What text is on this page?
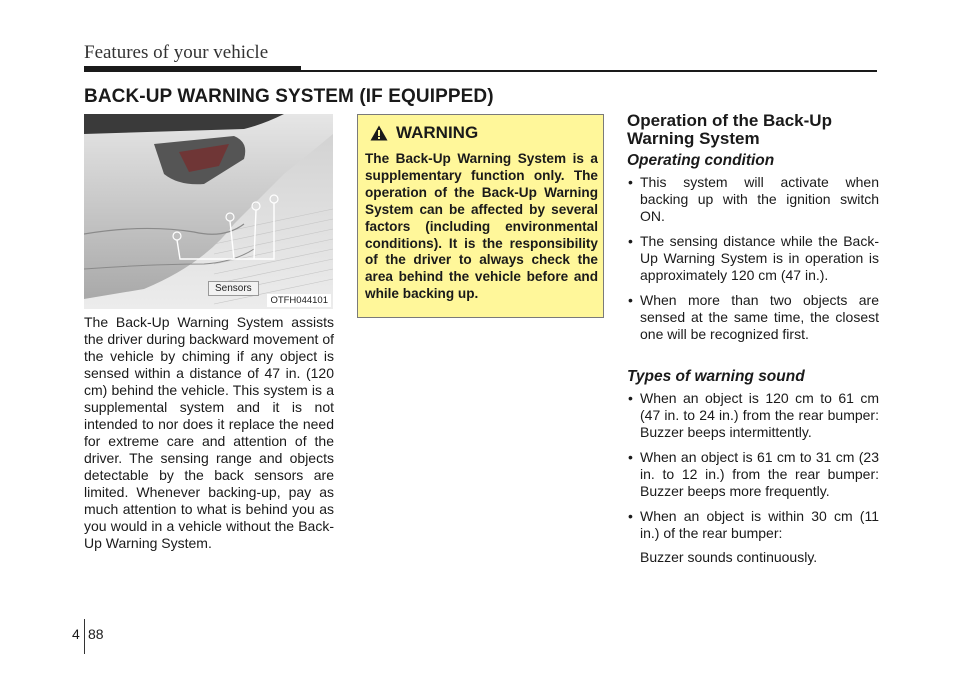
Features of your vehicle
BACK-UP WARNING SYSTEM (IF EQUIPPED)
Sensors
OTFH044101

The Back-Up Warning System assists the driver during backward movement of the vehicle by chiming if any object is sensed within a distance of 47 in. (120 cm) behind the vehicle. This system is a supplemental system and it is not intended to nor does it replace the need for extreme care and attention of the driver. The sensing range and objects detectable by the back sensors are limited. Whenever backing-up, pay as much attention to what is behind you as you would in a vehicle without the Back-Up Warning System.

WARNING

The Back-Up Warning System is a supplementary function only. The operation of the Back-Up Warning System can be affected by several factors (including environmental conditions). It is the responsibility of the driver to always check the area behind the vehicle before and while backing up.

Operation of the Back-Up Warning System
Operating condition
• This system will activate when backing up with the ignition switch ON.
• The sensing distance while the Back-Up Warning System is in operation is approximately 120 cm (47 in.).
• When more than two objects are sensed at the same time, the closest one will be recognized first.
Types of warning sound
• When an object is 120 cm to 61 cm (47 in. to 24 in.) from the rear bumper: Buzzer beeps intermittently.
• When an object is 61 cm to 31 cm (23 in. to 12 in.) from the rear bumper: Buzzer beeps more frequently.
• When an object is within 30 cm (11 in.) of the rear bumper:
Buzzer sounds continuously.
4 88
